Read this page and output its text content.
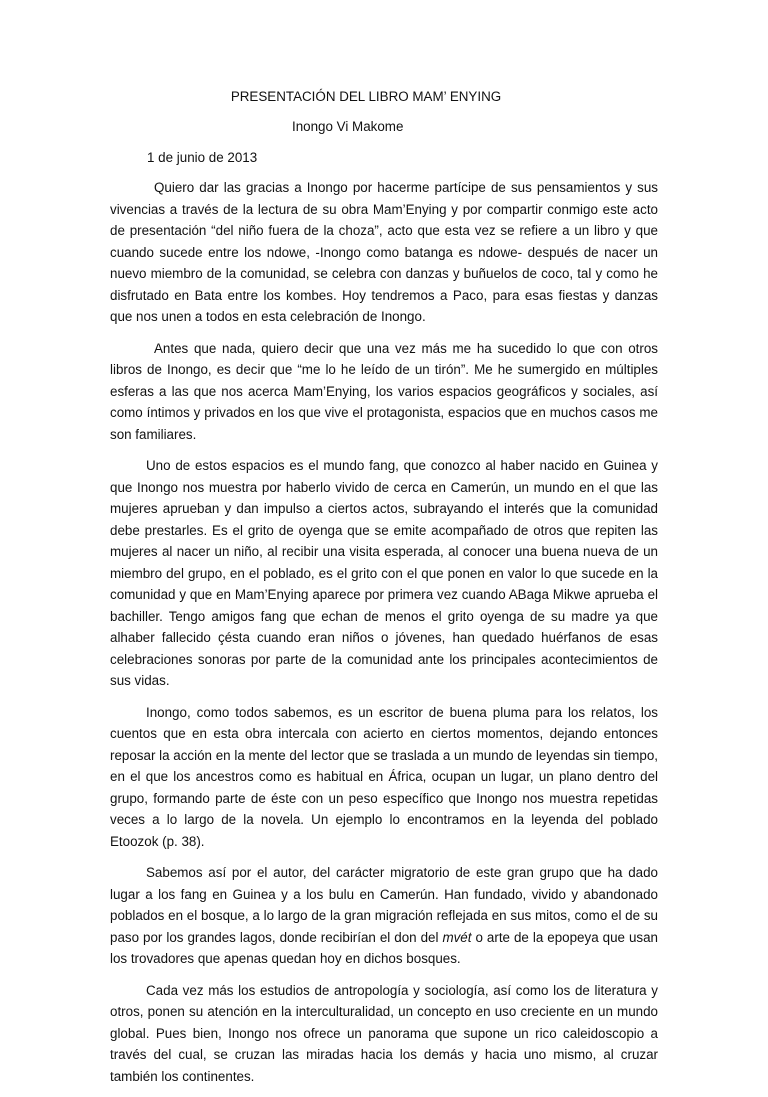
PRESENTACIÓN DEL LIBRO MAM’ ENYING

Inongo Vi Makome

1 de junio de 2013

Quiero dar las gracias a Inongo por hacerme partícipe de sus pensamientos y sus vivencias a través de la lectura de su obra Mam’Enying y por compartir conmigo este acto de presentación “del niño fuera de la choza”, acto que esta vez se refiere a un libro y que cuando sucede entre los ndowe, -Inongo como batanga es ndowe- después de nacer un nuevo miembro de la comunidad, se celebra con danzas y buñuelos de coco, tal y como he disfrutado en Bata entre los kombes. Hoy tendremos a Paco, para esas fiestas y danzas que nos unen a todos en esta celebración de Inongo.

Antes que nada, quiero decir que una vez más me ha sucedido lo que con otros libros de Inongo, es decir que “me lo he leído de un tirón”. Me he sumergido en múltiples esferas a las que nos acerca Mam’Enying, los varios espacios geográficos y sociales, así como íntimos y privados en los que vive el protagonista, espacios que en muchos casos me son familiares.

Uno de estos espacios es el mundo fang, que conozco al haber nacido en Guinea y que Inongo nos muestra por haberlo vivido de cerca en Camerún, un mundo en el que las mujeres aprueban y dan impulso a ciertos actos, subrayando el interés que la comunidad debe prestarles. Es el grito de oyenga que se emite acompañado de otros que repiten las mujeres al nacer un niño, al recibir una visita esperada, al conocer una buena nueva de un miembro del grupo, en el poblado, es el grito con el que ponen en valor lo que sucede en la comunidad y que en Mam’Enying aparece por primera vez cuando ABaga Mikwe aprueba el bachiller. Tengo amigos fang que echan de menos el grito oyenga de su madre ya que alhaber fallecido çésta cuando eran niños o jóvenes, han quedado huérfanos de esas celebraciones sonoras por parte de la comunidad ante los principales acontecimientos de sus vidas.

Inongo, como todos sabemos, es un escritor de buena pluma para los relatos, los cuentos que en esta obra intercala con acierto en ciertos momentos, dejando entonces reposar la acción en la mente del lector que se traslada a un mundo de leyendas sin tiempo, en el que los ancestros como es habitual en África, ocupan un lugar, un plano dentro del grupo, formando parte de éste con un peso específico que Inongo nos muestra repetidas veces a lo largo de la novela. Un ejemplo lo encontramos en la leyenda del poblado Etoozok (p. 38).

Sabemos así por el autor, del carácter migratorio de este gran grupo que ha dado lugar a los fang en Guinea y a los bulu en Camerún. Han fundado, vivido y abandonado poblados en el bosque, a lo largo de la gran migración reflejada en sus mitos, como el de su paso por los grandes lagos, donde recibirían el don del mvét o arte de la epopeya que usan los trovadores que apenas quedan hoy en dichos bosques.

Cada vez más los estudios de antropología y sociología, así como los de literatura y otros, ponen su atención en la interculturalidad, un concepto en uso creciente en un mundo global. Pues bien, Inongo nos ofrece un panorama que supone un rico caleidoscopio a través del cual, se cruzan las miradas hacia los demás y hacia uno mismo, al cruzar también los continentes.
